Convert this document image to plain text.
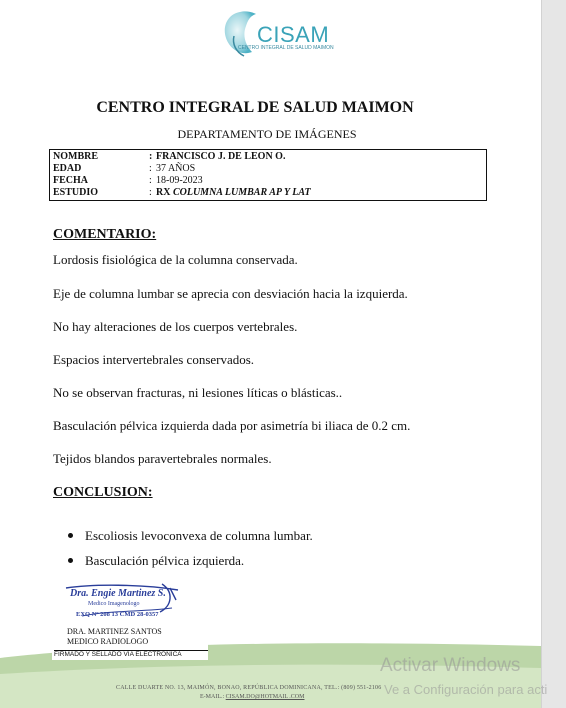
CISAM
CENTRO INTEGRAL DE SALUD MAIMON
CENTRO INTEGRAL DE SALUD MAIMON
DEPARTAMENTO DE IMÁGENES
NOMBRE	: FRANCISCO J. DE LEON O.
EDAD	: 37 AÑOS
FECHA	: 18-09-2023
ESTUDIO	: RX COLUMNA LUMBAR AP Y LAT
COMENTARIO:
Lordosis fisiológica de la columna conservada.
Eje de columna lumbar se aprecia con desviación hacia la izquierda.
No hay alteraciones de los cuerpos vertebrales.
Espacios intervertebrales conservados.
No se observan fracturas, ni lesiones líticas o blásticas..
Basculación pélvica izquierda dada por asimetría bi iliaca de 0.2 cm.
Tejidos blandos paravertebrales normales.
CONCLUSION:
Escoliosis levoconvexa de columna lumbar.
Basculación pélvica izquierda.
Dra. Engie Martinez S.
Medico Imagenologo
EXQ Nº 208 13 CMD 28-0357
DRA. MARTINEZ SANTOS
MEDICO RADIOLOGO
FIRMADO Y SELLADO VIA ELECTRONICA
CALLE DUARTE NO. 13, MAIMÓN, BONAO, REPÚBLICA DOMINICANA, TEL.: (809) 551-2106
E-MAIL.: CISAM.DO@HOTMAIL .COM
Activar Windows
Ve a Configuración para acti
